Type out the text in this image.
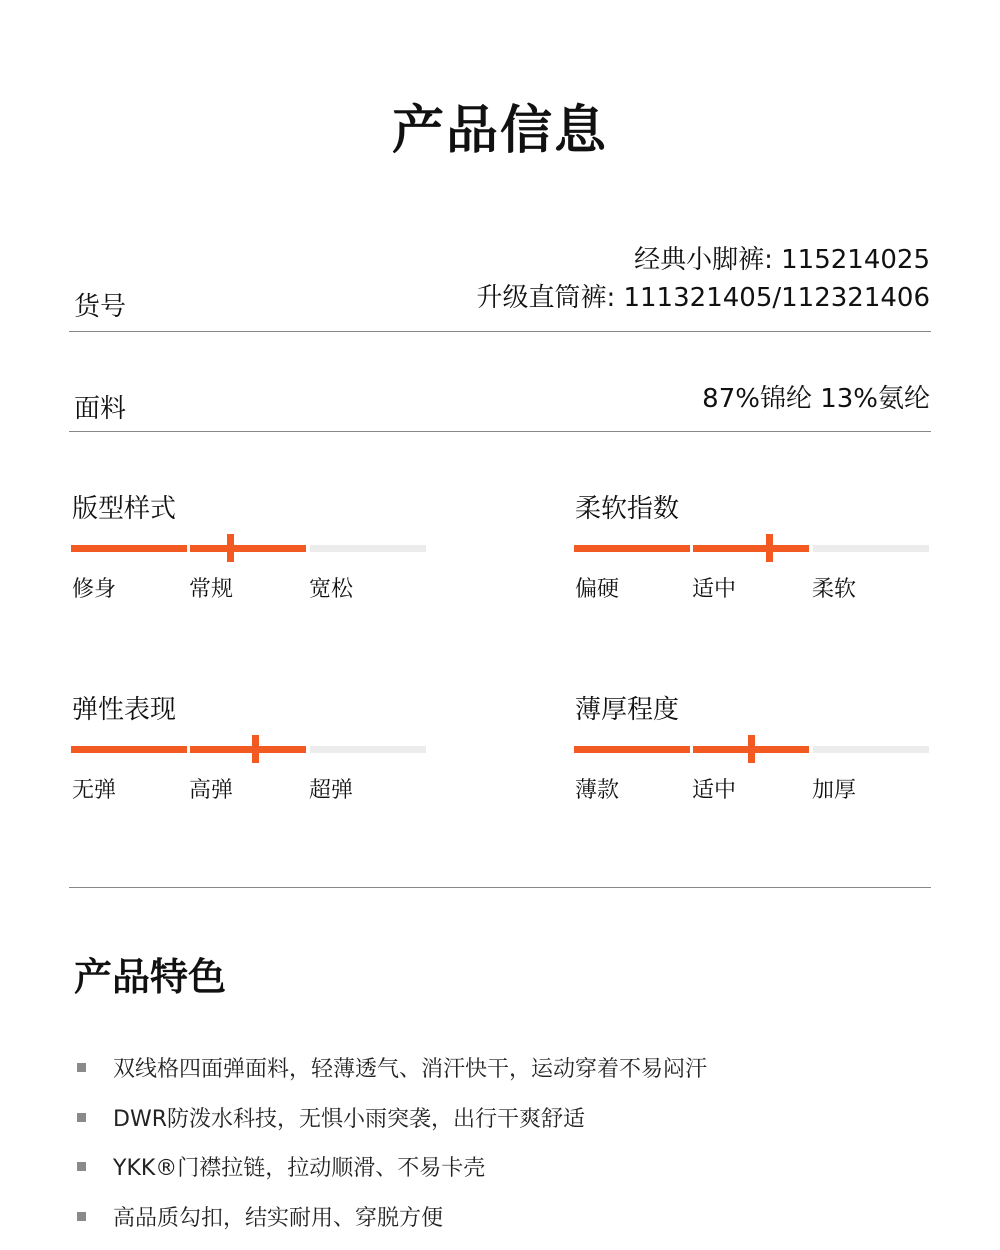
产品信息
货号
经典小脚裤: 115214025
升级直筒裤: 111321405/112321406
面料	87%锦纶 13%氨纶
版型样式
修身	常规	宽松
柔软指数
偏硬	适中	柔软
弹性表现
无弹	高弹	超弹
薄厚程度
薄款	适中	加厚
产品特色
双线格四面弹面料，轻薄透气、消汗快干，运动穿着不易闷汗
DWR防泼水科技，无惧小雨突袭，出行干爽舒适
YKK®门襟拉链，拉动顺滑、不易卡壳
高品质勾扣，结实耐用、穿脱方便
